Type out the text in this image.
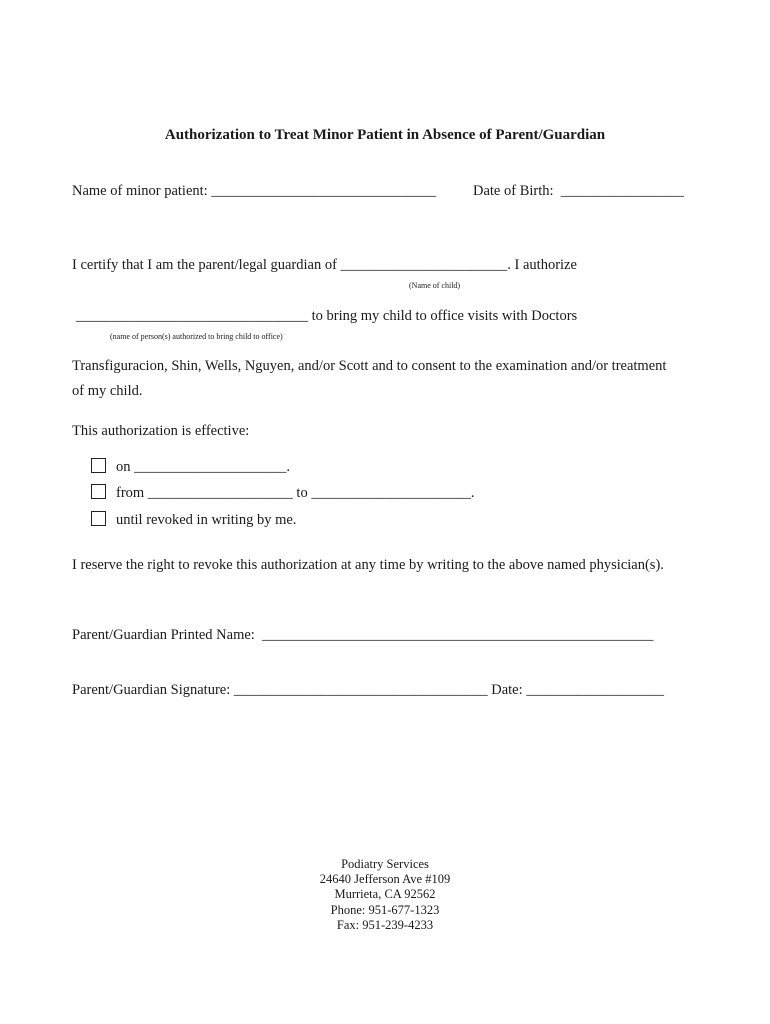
Authorization to Treat Minor Patient in Absence of Parent/Guardian
Name of minor patient: _______________________________	Date of Birth:  _________________
I certify that I am the parent/legal guardian of _______________________. I authorize
(Name of child)
________________________________ to bring my child to office visits with Doctors
(name of person(s) authorized to bring child to office)
Transfiguracion, Shin, Wells, Nguyen, and/or Scott and to consent to the examination and/or treatment
of my child.
This authorization is effective:
on _____________________.
from ____________________ to ______________________.
until revoked in writing by me.
I reserve the right to revoke this authorization at any time by writing to the above named physician(s).
Parent/Guardian Printed Name:  ______________________________________________________
Parent/Guardian Signature: ___________________________________ Date: ___________________
Podiatry Services
24640 Jefferson Ave #109
Murrieta, CA 92562
Phone: 951-677-1323
Fax: 951-239-4233
